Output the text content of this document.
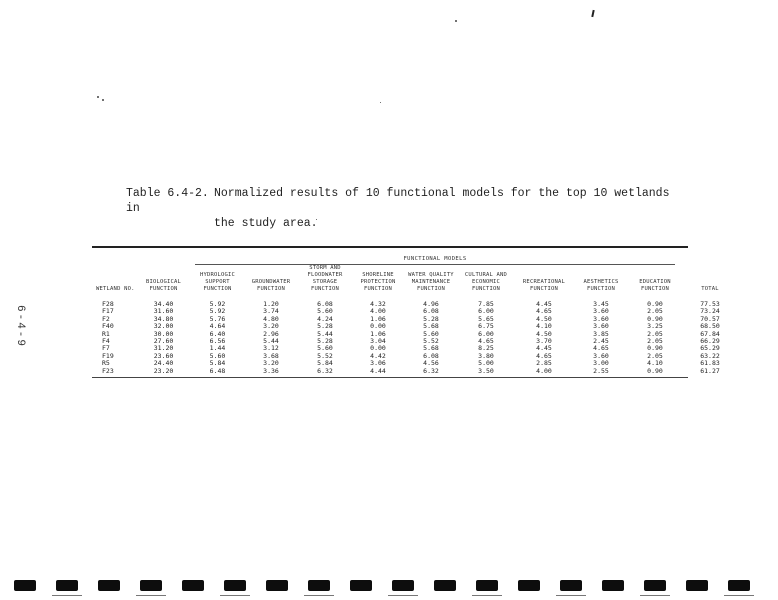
Table 6.4-2. Normalized results of 10 functional models for the top 10 wetlands in
the study area.
6-4-9
FUNCTIONAL MODELS
WETLAND NO.	BIOLOGICAL FUNCTION	HYDROLOGIC SUPPORT FUNCTION	GROUNDWATER FUNCTION	STORM AND FLOODWATER STORAGE FUNCTION	SHORELINE PROTECTION FUNCTION	WATER QUALITY MAINTENANCE FUNCTION	CULTURAL AND ECONOMIC FUNCTION	RECREATIONAL FUNCTION	AESTHETICS FUNCTION	EDUCATION FUNCTION	TOTAL
F28	34.40	5.92	1.20	6.08	4.32	4.96	7.85	4.45	3.45	0.90	77.53
F17	31.60	5.92	3.74	5.60	4.00	6.08	6.00	4.65	3.60	2.05	73.24
F2	34.80	5.76	4.80	4.24	1.06	5.28	5.65	4.50	3.60	0.90	70.57
F40	32.00	4.64	3.20	5.28	0.00	5.68	6.75	4.10	3.60	3.25	68.50
R1	30.00	6.40	2.96	5.44	1.06	5.60	6.00	4.50	3.85	2.05	67.84
F4	27.60	6.56	5.44	5.28	3.04	5.52	4.65	3.70	2.45	2.05	66.29
F7	31.20	1.44	3.12	5.60	0.00	5.68	8.25	4.45	4.65	0.90	65.29
F19	23.60	5.60	3.68	5.52	4.42	6.08	3.80	4.65	3.60	2.05	63.22
R5	24.40	5.84	3.20	5.84	3.06	4.56	5.00	2.85	3.00	4.10	61.83
F23	23.20	6.48	3.36	6.32	4.44	6.32	3.50	4.00	2.55	0.90	61.27
